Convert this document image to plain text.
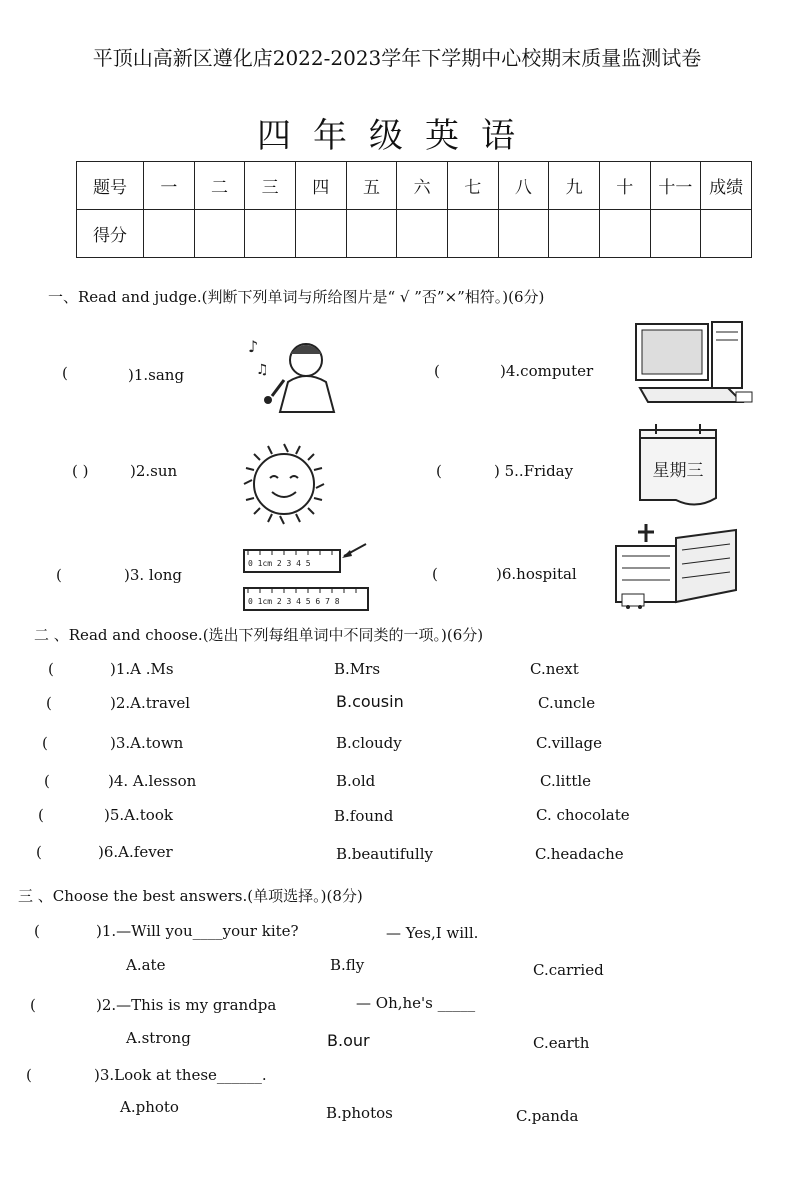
平顶山高新区遵化店2022-2023学年下学期中心校期末质量监测试卷
四年级英语
题号	一	二	三	四	五	六	七	八	九	十	十一	成绩
得分												
一、Read and judge.(判断下列单词与所给图片是“ √ ”否”×”相符。)(6分)
(	)1.sang	(	)4.computer
( )	)2.sun	(	) 5..Friday
(	)3. long	(	)6.hospital
♪
♫
星期三
0 1cm 2 3 4 5
0 1cm 2 3 4 5 6 7 8
二 、Read and choose.(选出下列每组单词中不同类的一项。)(6分)
(	)1.A .Ms	B.Mrs	C.next
(	)2.A.travel	B.cousin	C.uncle
(	)3.A.town	B.cloudy	C.village
(	)4. A.lesson	B.old	C.little
(	)5.A.took	B.found	C. chocolate
(	)6.A.fever	B.beautifully	C.headache
三 、Choose the best answers.(单项选择。)(8分)
(	)1.—Will you____your kite?	— Yes,I will.
A.ate	B.fly	C.carried
(	)2.—This is my grandpa	— Oh,he's _____
A.strong	B.our	C.earth
(	)3.Look at these______.
A.photo	B.photos	C.panda
